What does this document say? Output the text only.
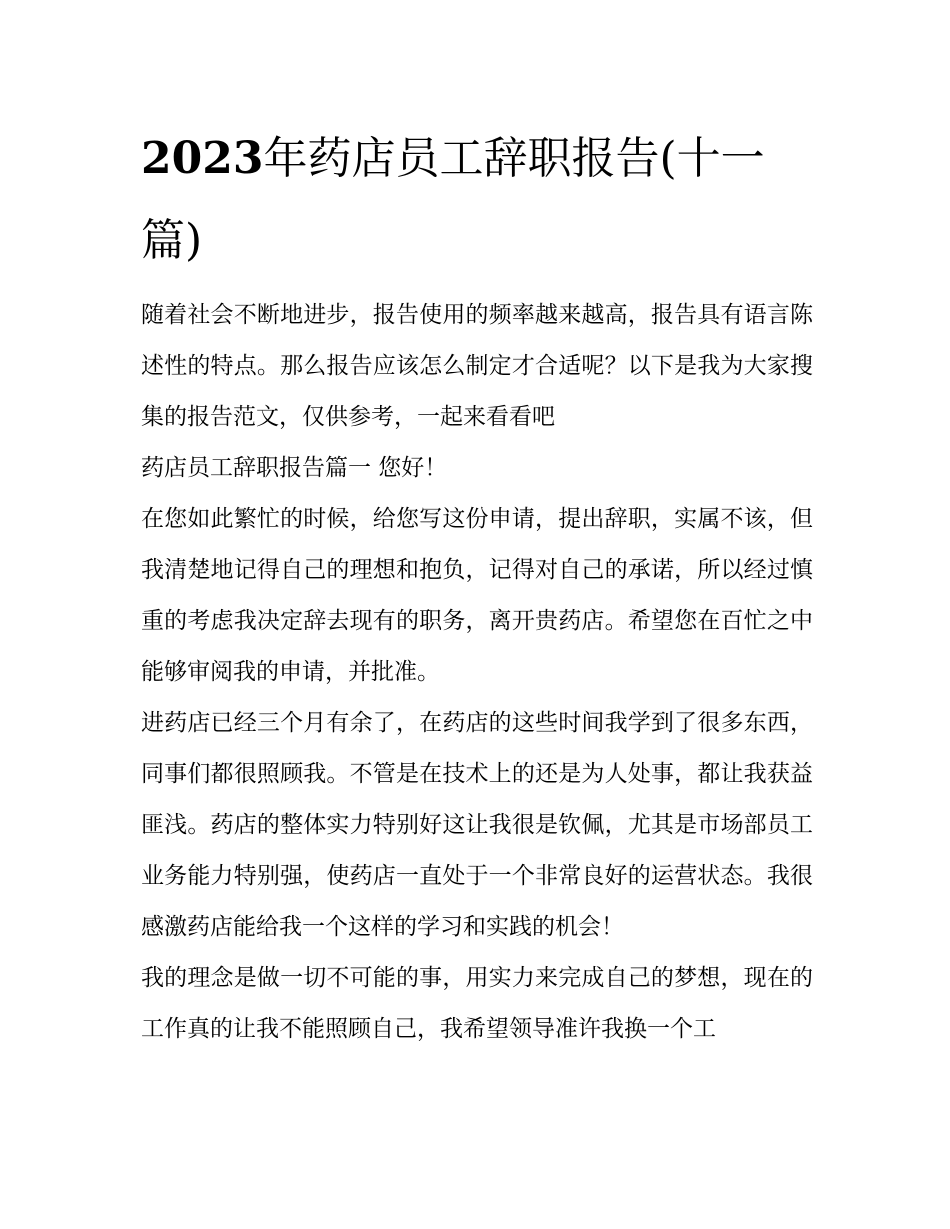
2023年药店员工辞职报告(十一篇)

随着社会不断地进步，报告使用的频率越来越高，报告具有语言陈述性的特点。那么报告应该怎么制定才合适呢？以下是我为大家搜集的报告范文，仅供参考，一起来看看吧

药店员工辞职报告篇一 您好！

在您如此繁忙的时候，给您写这份申请，提出辞职，实属不该，但我清楚地记得自己的理想和抱负，记得对自己的承诺，所以经过慎重的考虑我决定辞去现有的职务，离开贵药店。希望您在百忙之中能够审阅我的申请，并批准。

进药店已经三个月有余了，在药店的这些时间我学到了很多东西，同事们都很照顾我。不管是在技术上的还是为人处事，都让我获益匪浅。药店的整体实力特别好这让我很是钦佩，尤其是市场部员工业务能力特别强，使药店一直处于一个非常良好的运营状态。我很感激药店能给我一个这样的学习和实践的机会！

我的理念是做一切不可能的事，用实力来完成自己的梦想，现在的工作真的让我不能照顾自己，我希望领导准许我换一个工
